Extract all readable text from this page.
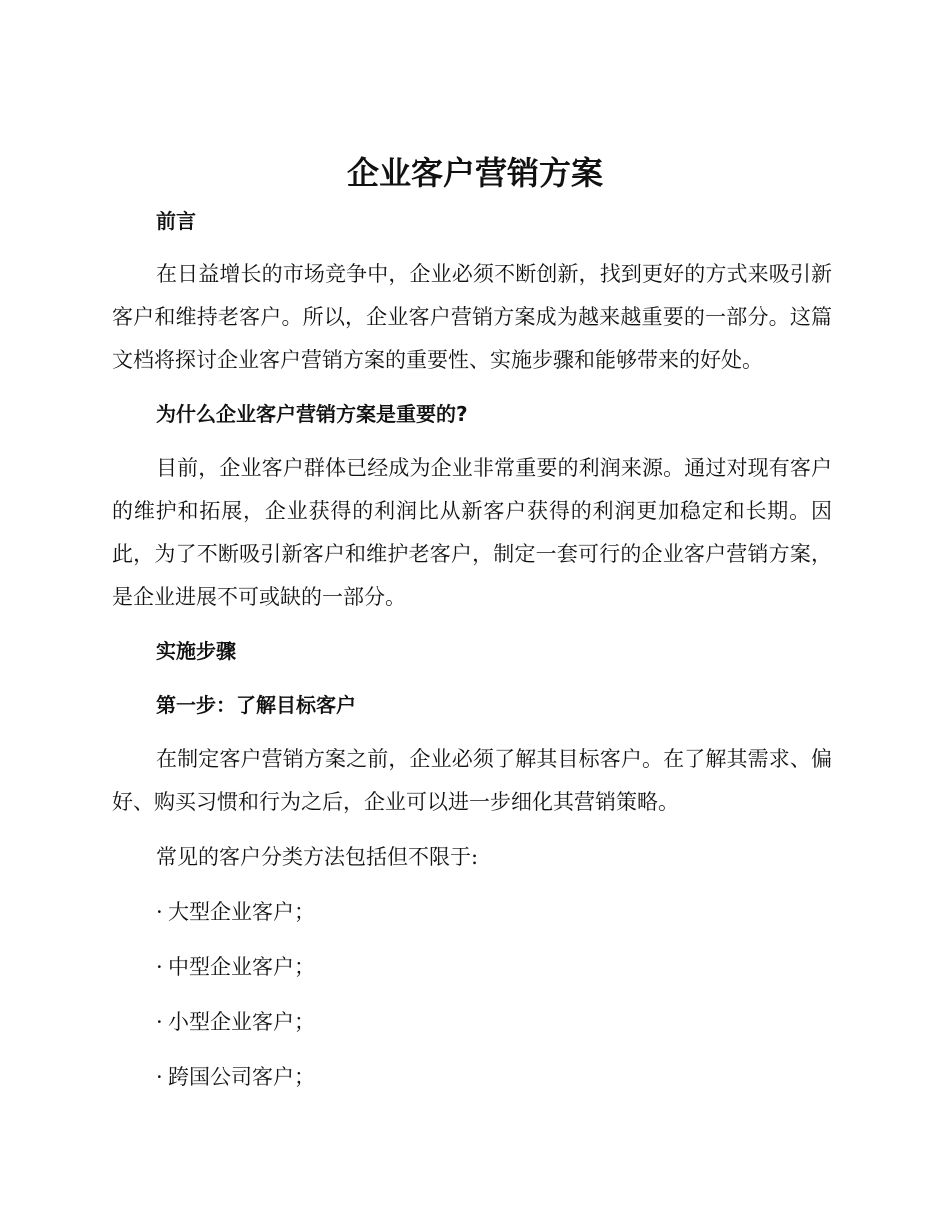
企业客户营销方案
前言

在日益增长的市场竞争中，企业必须不断创新，找到更好的方式来吸引新客户和维持老客户。所以，企业客户营销方案成为越来越重要的一部分。这篇文档将探讨企业客户营销方案的重要性、实施步骤和能够带来的好处。

为什么企业客户营销方案是重要的?

目前，企业客户群体已经成为企业非常重要的利润来源。通过对现有客户的维护和拓展，企业获得的利润比从新客户获得的利润更加稳定和长期。因此，为了不断吸引新客户和维护老客户，制定一套可行的企业客户营销方案，是企业进展不可或缺的一部分。

实施步骤
第一步：了解目标客户

在制定客户营销方案之前，企业必须了解其目标客户。在了解其需求、偏好、购买习惯和行为之后，企业可以进一步细化其营销策略。

常见的客户分类方法包括但不限于:

· 大型企业客户；
· 中型企业客户；
· 小型企业客户；
· 跨国公司客户；
